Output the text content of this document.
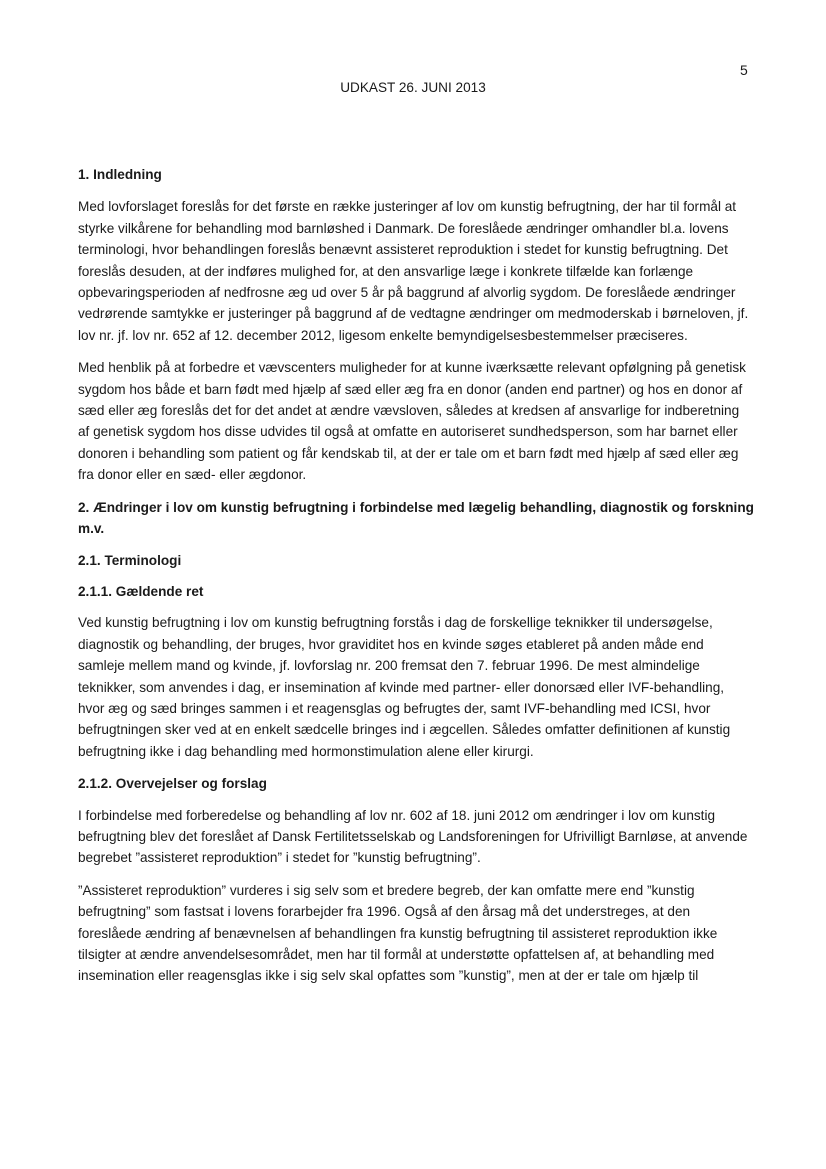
5
UDKAST 26. JUNI 2013
1. Indledning

Med lovforslaget foreslås for det første en række justeringer af lov om kunstig befrugtning, der har til formål at styrke vilkårene for behandling mod barnløshed i Danmark. De foreslåede ændringer omhandler bl.a. lovens terminologi, hvor behandlingen foreslås benævnt assisteret reproduktion i stedet for kunstig befrugtning. Det foreslås desuden, at der indføres mulighed for, at den ansvarlige læge i konkrete tilfælde kan forlænge opbevaringsperioden af nedfrosne æg ud over 5 år på baggrund af alvorlig sygdom. De foreslåede ændringer vedrørende samtykke er justeringer på baggrund af de vedtagne ændringer om medmoderskab i børneloven, jf. lov nr. jf. lov nr. 652 af 12. december 2012, ligesom enkelte bemyndigelsesbestemmelser præciseres.

Med henblik på at forbedre et vævscenters muligheder for at kunne iværksætte relevant opfølgning på genetisk sygdom hos både et barn født med hjælp af sæd eller æg fra en donor (anden end partner) og hos en donor af sæd eller æg foreslås det for det andet at ændre vævsloven, således at kredsen af ansvarlige for indberetning af genetisk sygdom hos disse udvides til også at omfatte en autoriseret sundhedsperson, som har barnet eller donoren i behandling som patient og får kendskab til, at der er tale om et barn født med hjælp af sæd eller æg fra donor eller en sæd- eller ægdonor.

2. Ændringer i lov om kunstig befrugtning i forbindelse med lægelig behandling, diagnostik og forskning m.v.
2.1. Terminologi
2.1.1. Gældende ret

Ved kunstig befrugtning i lov om kunstig befrugtning forstås i dag de forskellige teknikker til undersøgelse, diagnostik og behandling, der bruges, hvor graviditet hos en kvinde søges etableret på anden måde end samleje mellem mand og kvinde, jf. lovforslag nr. 200 fremsat den 7. februar 1996. De mest almindelige teknikker, som anvendes i dag, er insemination af kvinde med partner- eller donorsæd eller IVF-behandling, hvor æg og sæd bringes sammen i et reagensglas og befrugtes der, samt IVF-behandling med ICSI, hvor befrugtningen sker ved at en enkelt sædcelle bringes ind i ægcellen. Således omfatter definitionen af kunstig befrugtning ikke i dag behandling med hormonstimulation alene eller kirurgi.

2.1.2. Overvejelser og forslag

I forbindelse med forberedelse og behandling af lov nr. 602 af 18. juni 2012 om ændringer i lov om kunstig befrugtning blev det foreslået af Dansk Fertilitetsselskab og Landsforeningen for Ufrivilligt Barnløse, at anvende begrebet ”assisteret reproduktion” i stedet for ”kunstig befrugtning”.

”Assisteret reproduktion” vurderes i sig selv som et bredere begreb, der kan omfatte mere end ”kunstig befrugtning” som fastsat i lovens forarbejder fra 1996. Også af den årsag må det understreges, at den foreslåede ændring af benævnelsen af behandlingen fra kunstig befrugtning til assisteret reproduktion ikke tilsigter at ændre anvendelsesområdet, men har til formål at understøtte opfattelsen af, at behandling med insemination eller reagensglas ikke i sig selv skal opfattes som ”kunstig”, men at der er tale om hjælp til
